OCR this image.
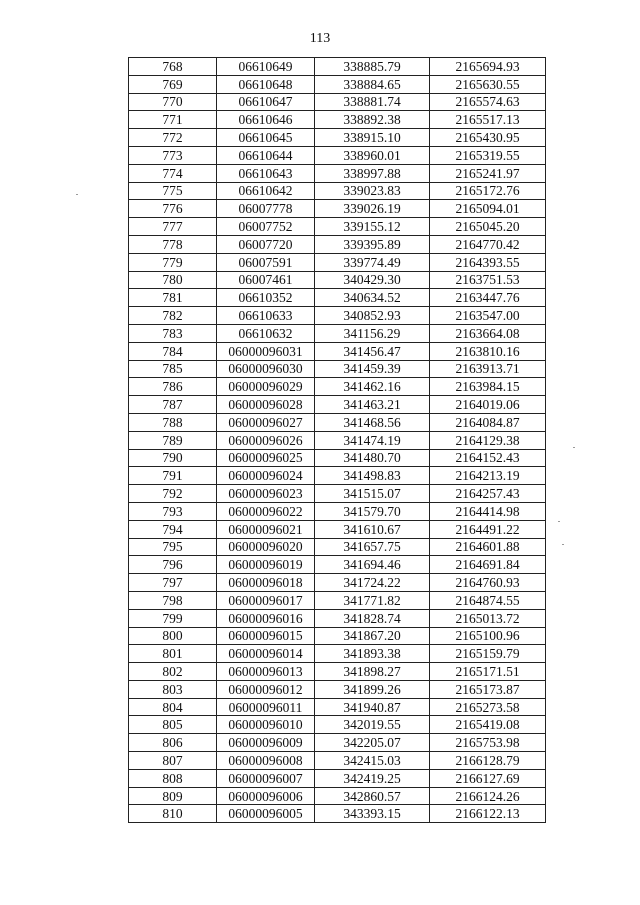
113
768	06610649	338885.79	2165694.93
769	06610648	338884.65	2165630.55
770	06610647	338881.74	2165574.63
771	06610646	338892.38	2165517.13
772	06610645	338915.10	2165430.95
773	06610644	338960.01	2165319.55
774	06610643	338997.88	2165241.97
775	06610642	339023.83	2165172.76
776	06007778	339026.19	2165094.01
777	06007752	339155.12	2165045.20
778	06007720	339395.89	2164770.42
779	06007591	339774.49	2164393.55
780	06007461	340429.30	2163751.53
781	06610352	340634.52	2163447.76
782	06610633	340852.93	2163547.00
783	06610632	341156.29	2163664.08
784	06000096031	341456.47	2163810.16
785	06000096030	341459.39	2163913.71
786	06000096029	341462.16	2163984.15
787	06000096028	341463.21	2164019.06
788	06000096027	341468.56	2164084.87
789	06000096026	341474.19	2164129.38
790	06000096025	341480.70	2164152.43
791	06000096024	341498.83	2164213.19
792	06000096023	341515.07	2164257.43
793	06000096022	341579.70	2164414.98
794	06000096021	341610.67	2164491.22
795	06000096020	341657.75	2164601.88
796	06000096019	341694.46	2164691.84
797	06000096018	341724.22	2164760.93
798	06000096017	341771.82	2164874.55
799	06000096016	341828.74	2165013.72
800	06000096015	341867.20	2165100.96
801	06000096014	341893.38	2165159.79
802	06000096013	341898.27	2165171.51
803	06000096012	341899.26	2165173.87
804	06000096011	341940.87	2165273.58
805	06000096010	342019.55	2165419.08
806	06000096009	342205.07	2165753.98
807	06000096008	342415.03	2166128.79
808	06000096007	342419.25	2166127.69
809	06000096006	342860.57	2166124.26
810	06000096005	343393.15	2166122.13
